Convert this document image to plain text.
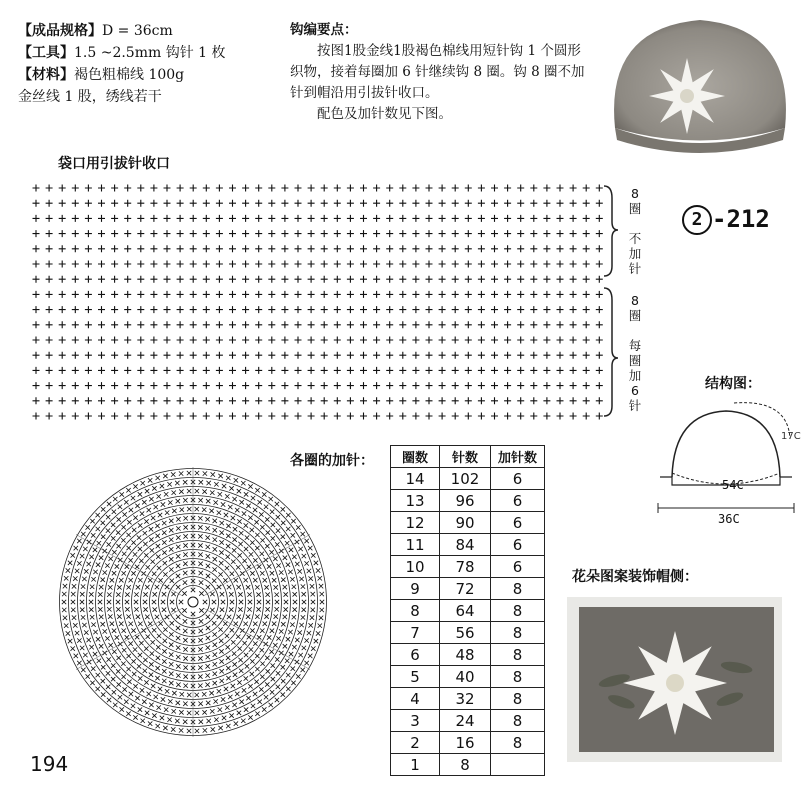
【成品规格】D = 36cm
【工具】1.5 ~2.5mm 钩针 1 枚
【材料】褐色粗棉线 100g
金丝线 1 股，绣线若干
钩编要点：

按图1股金线1股褐色棉线用短针钩 1 个圆形织物，接着每圈加 6 针继续钩 8 圈。钩 8 圈不加针到帽沿用引拔针收口。

配色及加针数见下图。

袋口用引拔针收口
8
圈
不
加
针
8
圈
每
圈
加
6
针
2 -212
结构图：
17C
54C
36C
各圈的加针： 圈数	针数	加针数
14	102	6
13	96	6
12	90	6
11	84	6
10	78	6
9	72	8
8	64	8
7	56	8
6	48	8
5	40	8
4	32	8
3	24	8
2	16	8
1	8	
花朵图案装饰帽侧：
194
